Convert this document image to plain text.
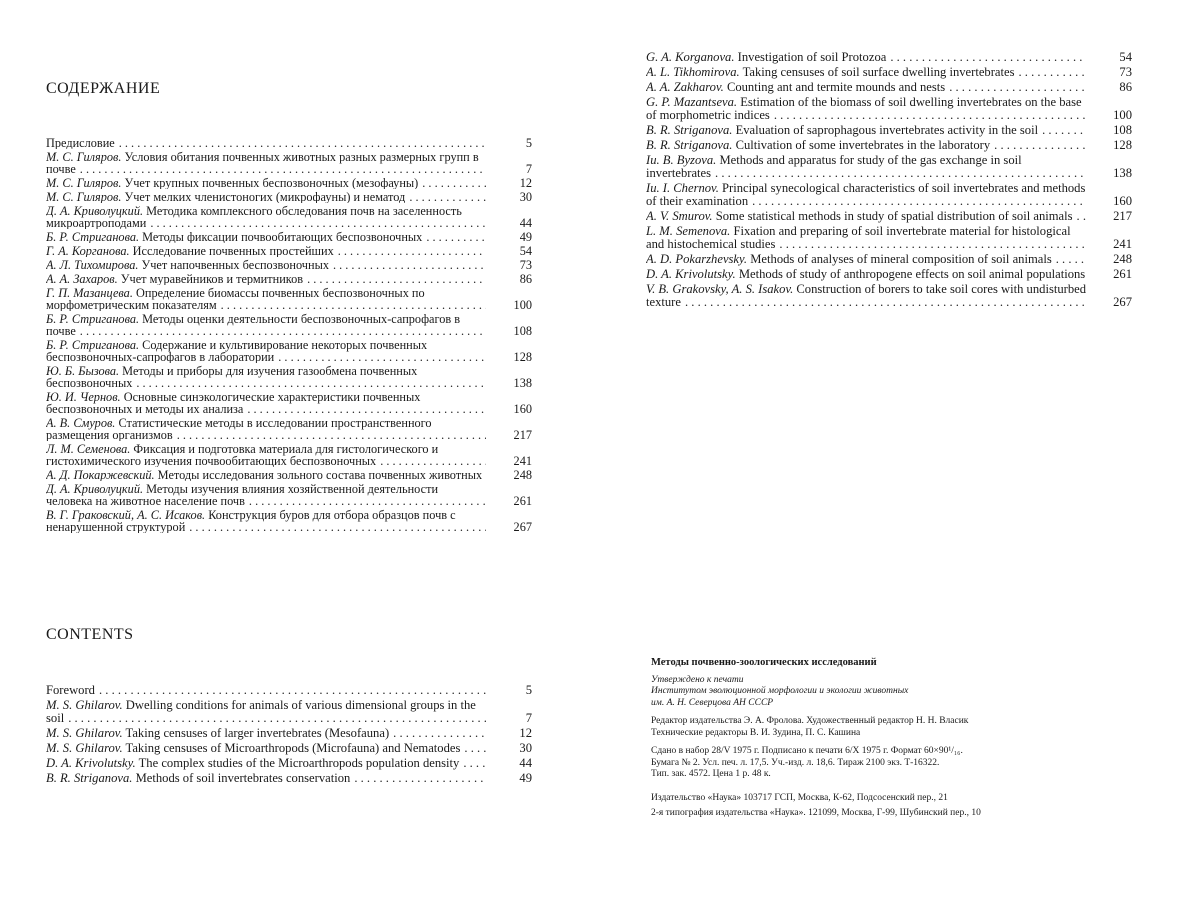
СОДЕРЖАНИЕ
Предисловие . . .	5
М. С. Гиляров. Условия обитания почвенных животных разных размерных групп в почве . . .	7
М. С. Гиляров. Учет крупных почвенных беспозвоночных (мезофауны) . . .	12
М. С. Гиляров. Учет мелких членистоногих (микрофауны) и нематод . . .	30
Д. А. Криволуцкий. Методика комплексного обследования почв на заселенность микроартроподами . . .	44
Б. Р. Стриганова. Методы фиксации почвообитающих беспозвоночных . . .	49
Г. А. Корганова. Исследование почвенных простейших . . .	54
А. Л. Тихомирова. Учет напочвенных беспозвоночных . . .	73
А. А. Захаров. Учет муравейников и термитников . . .	86
Г. П. Мазанцева. Определение биомассы почвенных беспозвоночных по морфометрическим показателям . . .	100
Б. Р. Стриганова. Методы оценки деятельности беспозвоночных-сапрофагов в почве . . .	108
Б. Р. Стриганова. Содержание и культивирование некоторых почвенных беспозвоночных-сапрофагов в лаборатории . . .	128
Ю. Б. Бызова. Методы и приборы для изучения газообмена почвенных беспозвоночных . . .	138
Ю. И. Чернов. Основные синэкологические характеристики почвенных беспозвоночных и методы их анализа . . .	160
А. В. Смуров. Статистические методы в исследовании пространственного размещения организмов . . .	217
Л. М. Семенова. Фиксация и подготовка материала для гистологического и гистохимического изучения почвообитающих беспозвоночных . . .	241
А. Д. Покаржевский. Методы исследования зольного состава почвенных животных . . .	248
Д. А. Криволуцкий. Методы изучения влияния хозяйственной деятельности человека на животное население почв . . .	261
В. Г. Граковский, А. С. Исаков. Конструкция буров для отбора образцов почв с ненарушенной структурой . . .	267
CONTENTS
Foreword . . .	5
M. S. Ghilarov. Dwelling conditions for animals of various dimensional groups in the soil . . .	7
M. S. Ghilarov. Taking censuses of larger invertebrates (Mesofauna) . . .	12
M. S. Ghilarov. Taking censuses of Microarthropods (Microfauna) and Nematodes . . .	30
D. A. Krivolutsky. The complex studies of the Microarthropods population density . . .	44
B. R. Striganova. Methods of soil invertebrates conservation . . .	49
G. A. Korganova. Investigation of soil Protozoa . . .	54
A. L. Tikhomirova. Taking censuses of soil surface dwelling invertebrates . . .	73
A. A. Zakharov. Counting ant and termite mounds and nests . . .	86
G. P. Mazantseva. Estimation of the biomass of soil dwelling invertebrates on the base of morphometric indices . . .	100
B. R. Striganova. Evaluation of saprophagous invertebrates activity in the soil . . .	108
B. R. Striganova. Cultivation of some invertebrates in the laboratory . . .	128
Iu. B. Byzova. Methods and apparatus for study of the gas exchange in soil invertebrates . . .	138
Iu. I. Chernov. Principal synecological characteristics of soil invertebrates and methods of their examination . . .	160
A. V. Smurov. Some statistical methods in study of spatial distribution of soil animals . . .	217
L. M. Semenova. Fixation and preparing of soil invertebrate material for histological and histochemical studies . . .	241
A. D. Pokarzhevsky. Methods of analyses of mineral composition of soil animals . . .	248
D. A. Krivolutsky. Methods of study of anthropogene effects on soil animal populations . . .	261
V. B. Grakovsky, A. S. Isakov. Construction of borers to take soil cores with undisturbed texture . . .	267
Методы почвенно-зоологических исследований

Утверждено к печати

Институтом эволюционной морфологии и экологии животных

им. А. Н. Северцова АН СССР

Редактор издательства Э. А. Фролова. Художественный редактор Н. Н. Власик

Технические редакторы В. И. Зудина, П. С. Кашина

Сдано в набор 28/V 1975 г. Подписано к печати 6/X 1975 г. Формат 60×90¹/₁₆.

Бумага № 2. Усл. печ. л. 17,5. Уч.-изд. л. 18,6. Тираж 2100 экз. Т-16322.

Тип. зак. 4572. Цена 1 р. 48 к.

Издательство «Наука» 103717 ГСП, Москва, К-62, Подсосенский пер., 21

2-я типография издательства «Наука». 121099, Москва, Г-99, Шубинский пер., 10
